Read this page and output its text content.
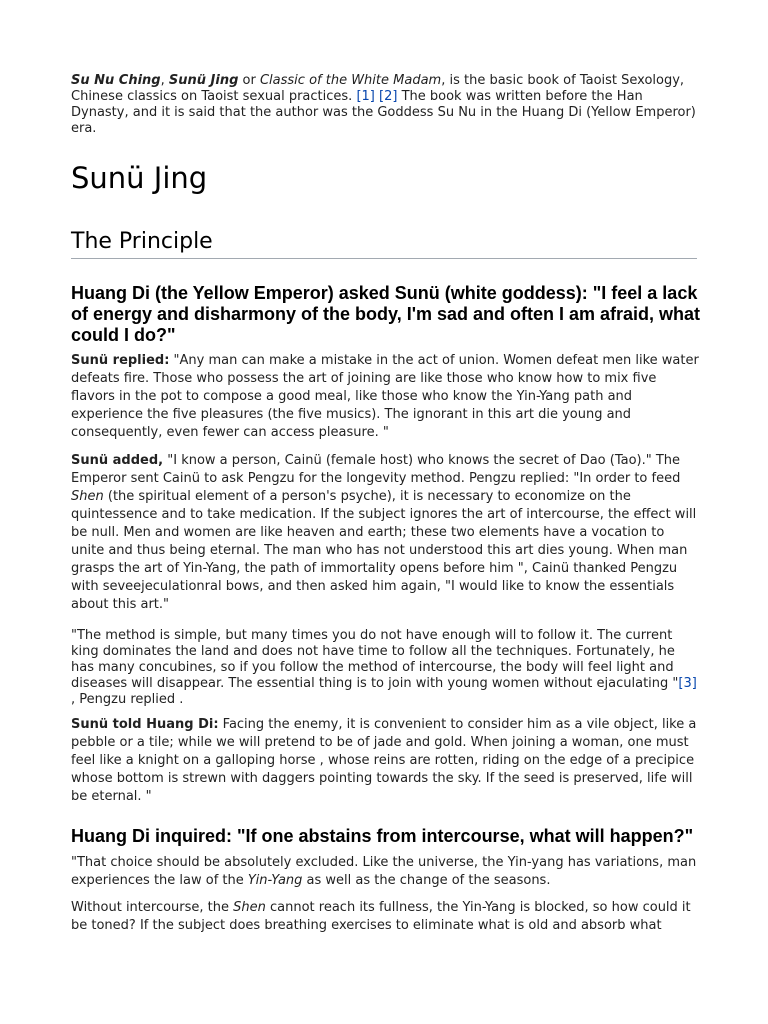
Su Nu Ching, Sunü Jing or Classic of the White Madam, is the basic book of Taoist Sexology, Chinese classics on Taoist sexual practices. [1] [2] The book was written before the Han Dynasty, and it is said that the author was the Goddess Su Nu in the Huang Di (Yellow Emperor) era.

Sunü Jing
The Principle
Huang Di (the Yellow Emperor) asked Sunü (white goddess): "I feel a lack of energy and disharmony of the body, I'm sad and often I am afraid, what could I do?"

Sunü replied: "Any man can make a mistake in the act of union. Women defeat men like water defeats fire. Those who possess the art of joining are like those who know how to mix five flavors in the pot to compose a good meal, like those who know the Yin-Yang path and experience the five pleasures (the five musics). The ignorant in this art die young and consequently, even fewer can access pleasure. "

Sunü added, "I know a person, Cainü (female host) who knows the secret of Dao (Tao)." The Emperor sent Cainü to ask Pengzu for the longevity method. Pengzu replied: "In order to feed Shen (the spiritual element of a person's psyche), it is necessary to economize on the quintessence and to take medication. If the subject ignores the art of intercourse, the effect will be null. Men and women are like heaven and earth; these two elements have a vocation to unite and thus being eternal. The man who has not understood this art dies young. When man grasps the art of Yin-Yang, the path of immortality opens before him ", Cainü thanked Pengzu with seveejeculationral bows, and then asked him again, "I would like to know the essentials about this art."

"The method is simple, but many times you do not have enough will to follow it. The current king dominates the land and does not have time to follow all the techniques. Fortunately, he has many concubines, so if you follow the method of intercourse, the body will feel light and diseases will disappear. The essential thing is to join with young women without ejaculating "[3] , Pengzu replied .

Sunü told Huang Di: Facing the enemy, it is convenient to consider him as a vile object, like a pebble or a tile; while we will pretend to be of jade and gold. When joining a woman, one must feel like a knight on a galloping horse , whose reins are rotten, riding on the edge of a precipice whose bottom is strewn with daggers pointing towards the sky. If the seed is preserved, life will be eternal. "

Huang Di inquired: "If one abstains from intercourse, what will happen?"

"That choice should be absolutely excluded. Like the universe, the Yin-yang has variations, man experiences the law of the Yin-Yang as well as the change of the seasons.

Without intercourse, the Shen cannot reach its fullness, the Yin-Yang is blocked, so how could it be toned? If the subject does breathing exercises to eliminate what is old and absorb what
